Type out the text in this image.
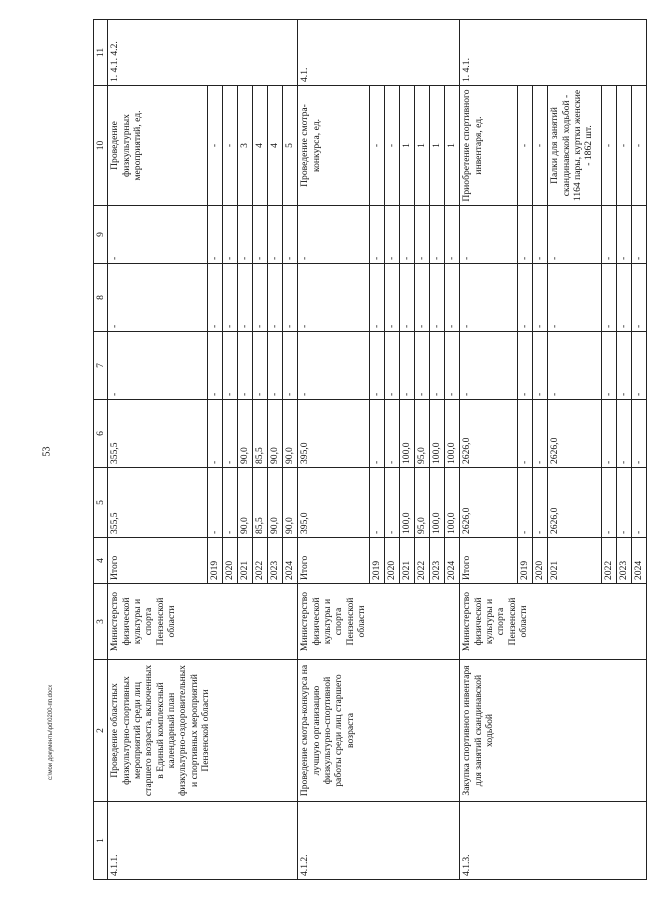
53
c:\мои документы\pd\0200-пп.docx
1	2	3	4	5	6	7	8	9	10	11
4.1.1.	Проведение областных физкультурно-спортивных мероприятий среди лиц старшего возраста, включенных в Единый комплексный календарный план физкультурно-оздоровительных и спортивных мероприятий Пензенской области	Министерство физической культуры и спорта Пензенской области	Итого	355,5	355,5	-	-	-	Проведение физкультурных мероприятий, ед.	1. 4.1. 4.2.
			2019	-	-	-	-	-	-	
			2020	-	-	-	-	-	-	
			2021	90,0	90,0	-	-	-	3	
			2022	85,5	85,5	-	-	-	4	
			2023	90,0	90,0	-	-	-	4	
			2024	90,0	90,0	-	-	-	5	
4.1.2.	Проведение смотра-конкурса на лучшую организацию физкультурно-спортивной работы среди лиц старшего возраста	Министерство физической культуры и спорта Пензенской области	Итого	395,0	395,0	-	-	-	Проведение смотра-конкурса, ед.	4.1.
			2019	-	-	-	-	-	-	
			2020	-	-	-	-	-	-	
			2021	100,0	100,0	-	-	-	1	
			2022	95,0	95,0	-	-	-	1	
			2023	100,0	100,0	-	-	-	1	
			2024	100,0	100,0	-	-	-	1	
4.1.3.	Закупка спортивного инвентаря для занятий скандинавской ходьбой	Министерство физической культуры и спорта Пензенской области	Итого	2626,0	2626,0	-	-	-	Приобретение спортивного инвентаря, ед.	1. 4.1.
			2019	-	-	-	-	-	-	
			2020	-	-	-	-	-	-	
			2021	2626,0	2626,0	-	-	-	Палки для занятий скандинавской ходьбой - 1164 пары, куртки женские - 1862 шт.	
			2022	-	-	-	-	-	-	
			2023	-	-	-	-	-	-	
			2024	-	-	-	-	-	-	
